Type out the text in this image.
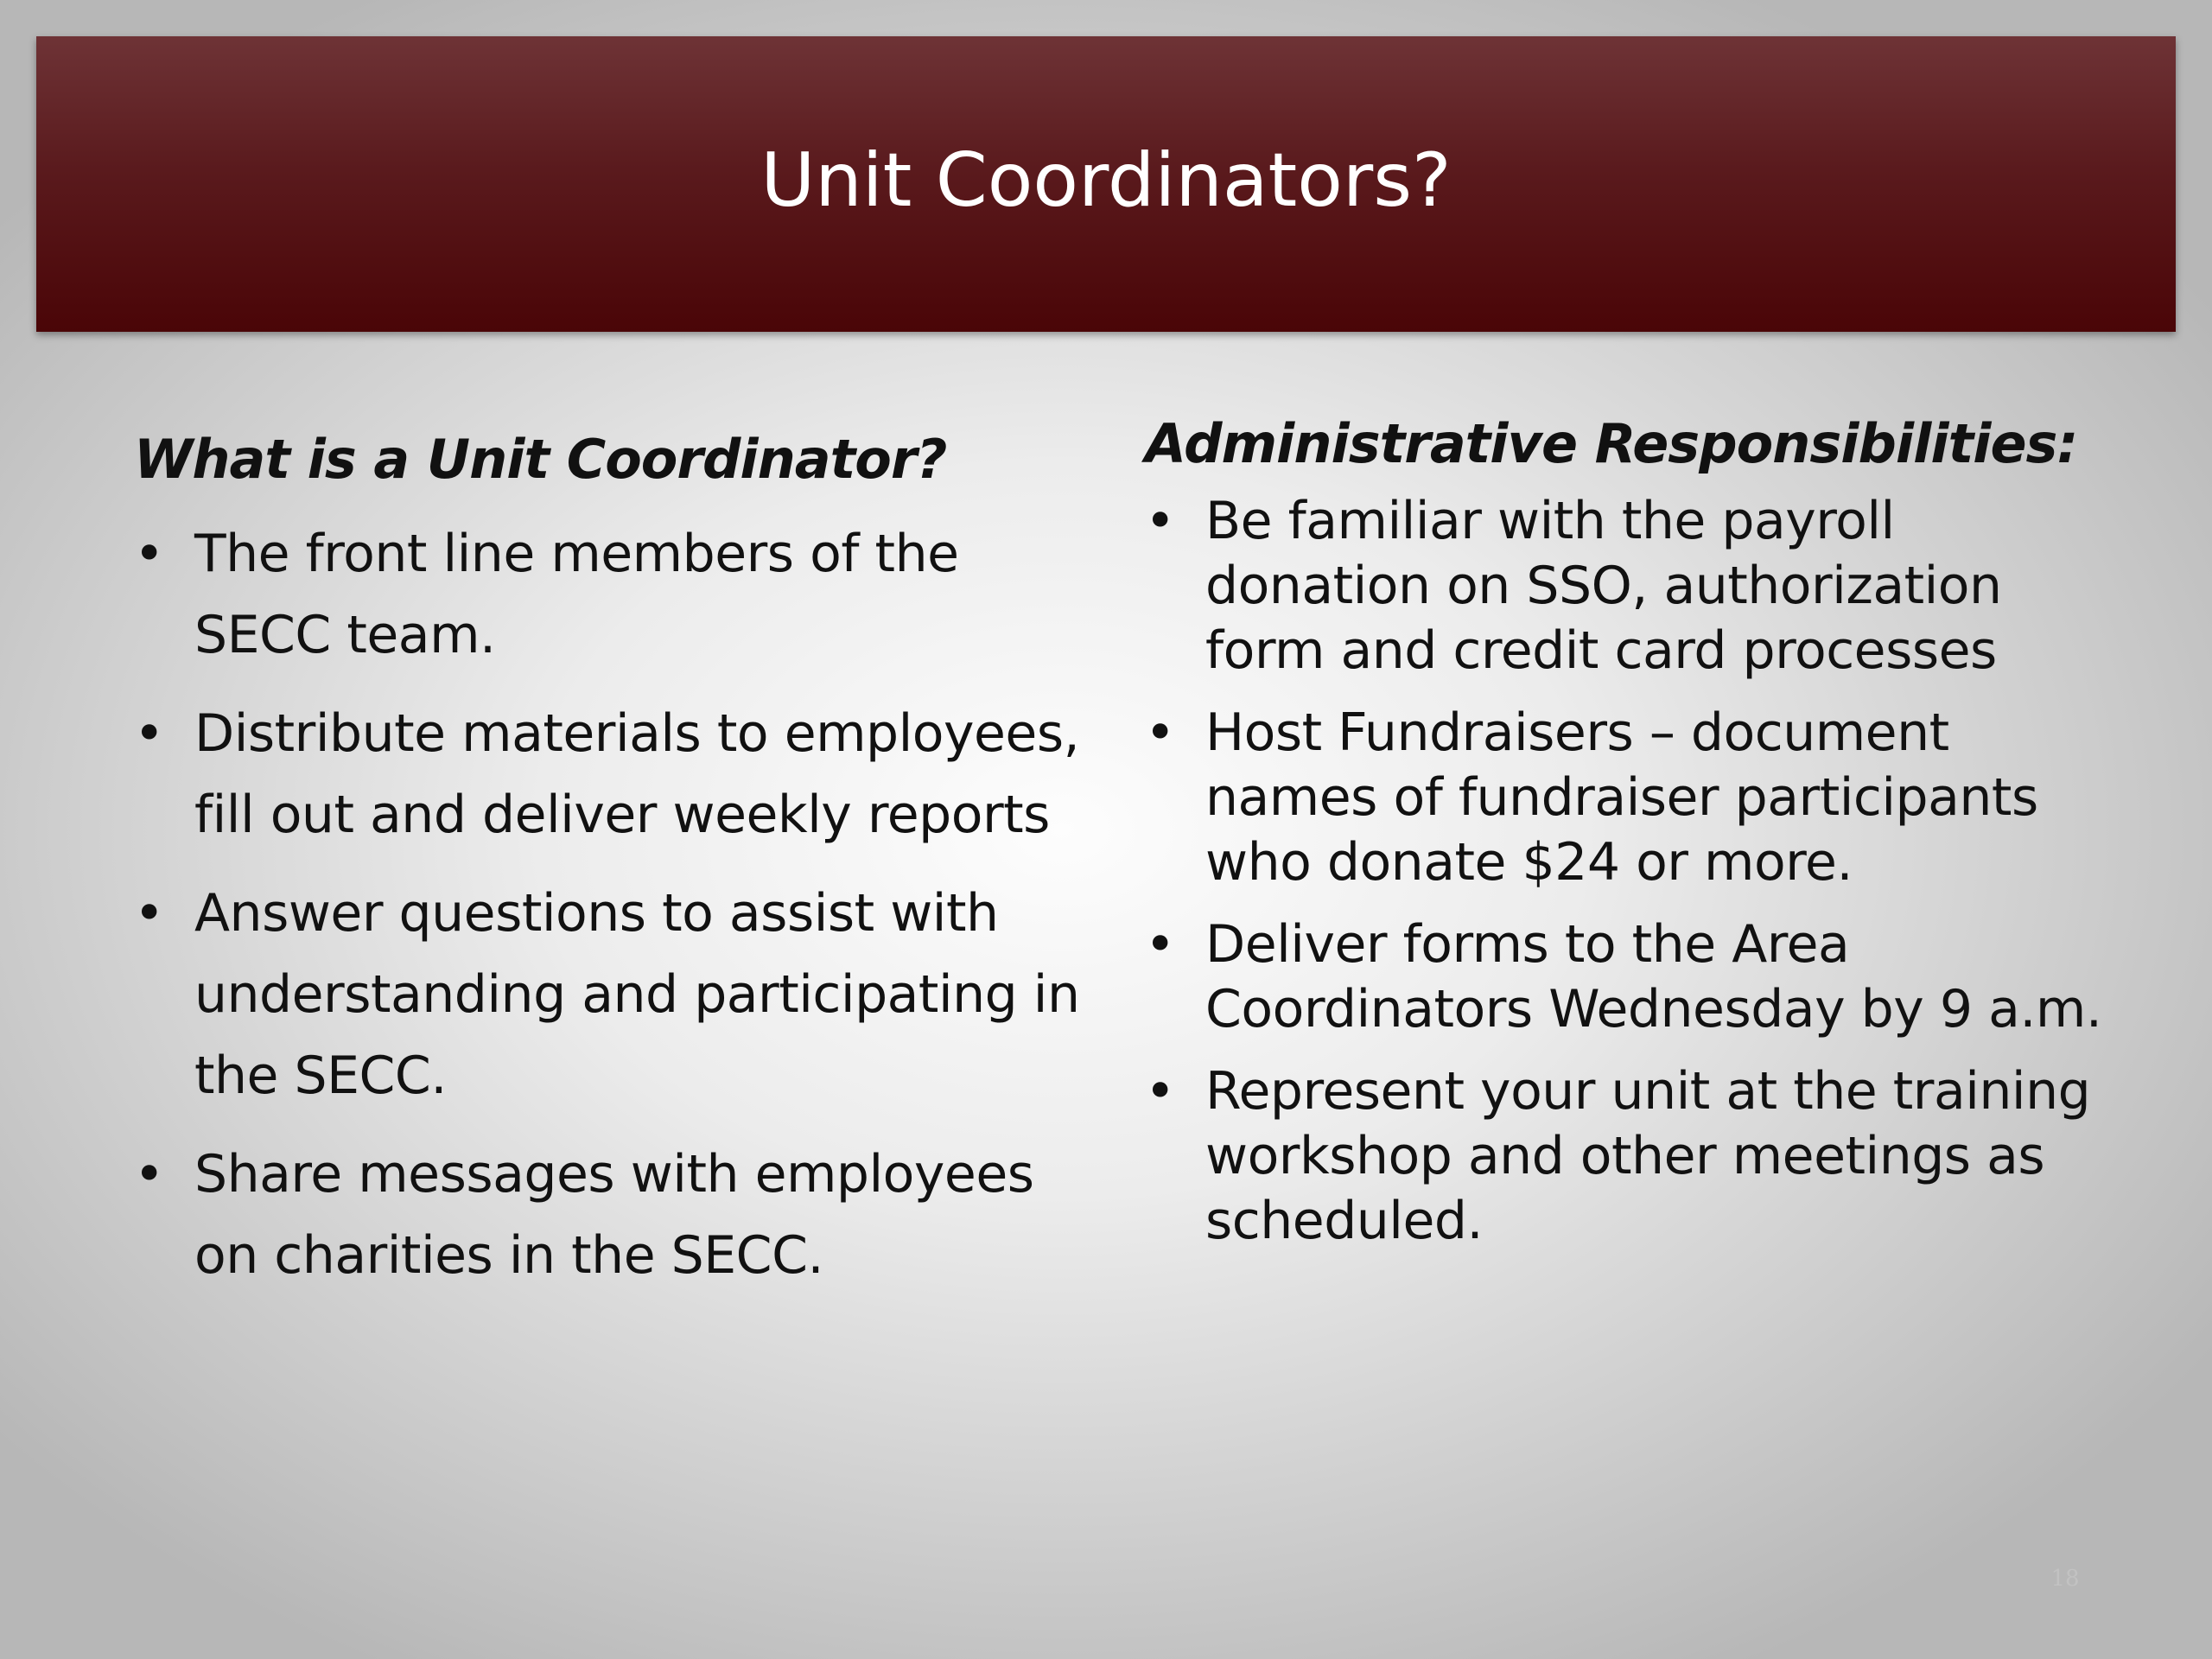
Unit Coordinators?
What is a Unit Coordinator?
• The front line members of the SECC team.
• Distribute materials to employees, fill out and deliver weekly reports
• Answer questions to assist with understanding and participating in the SECC.
• Share messages with employees on charities in the SECC.
Administrative Responsibilities:
• Be familiar with the payroll donation on SSO, authorization form and credit card processes
• Host Fundraisers – document names of fundraiser participants who donate $24 or more.
• Deliver forms to the Area Coordinators Wednesday by 9 a.m.
• Represent your unit at the training workshop and other meetings as scheduled.
18
